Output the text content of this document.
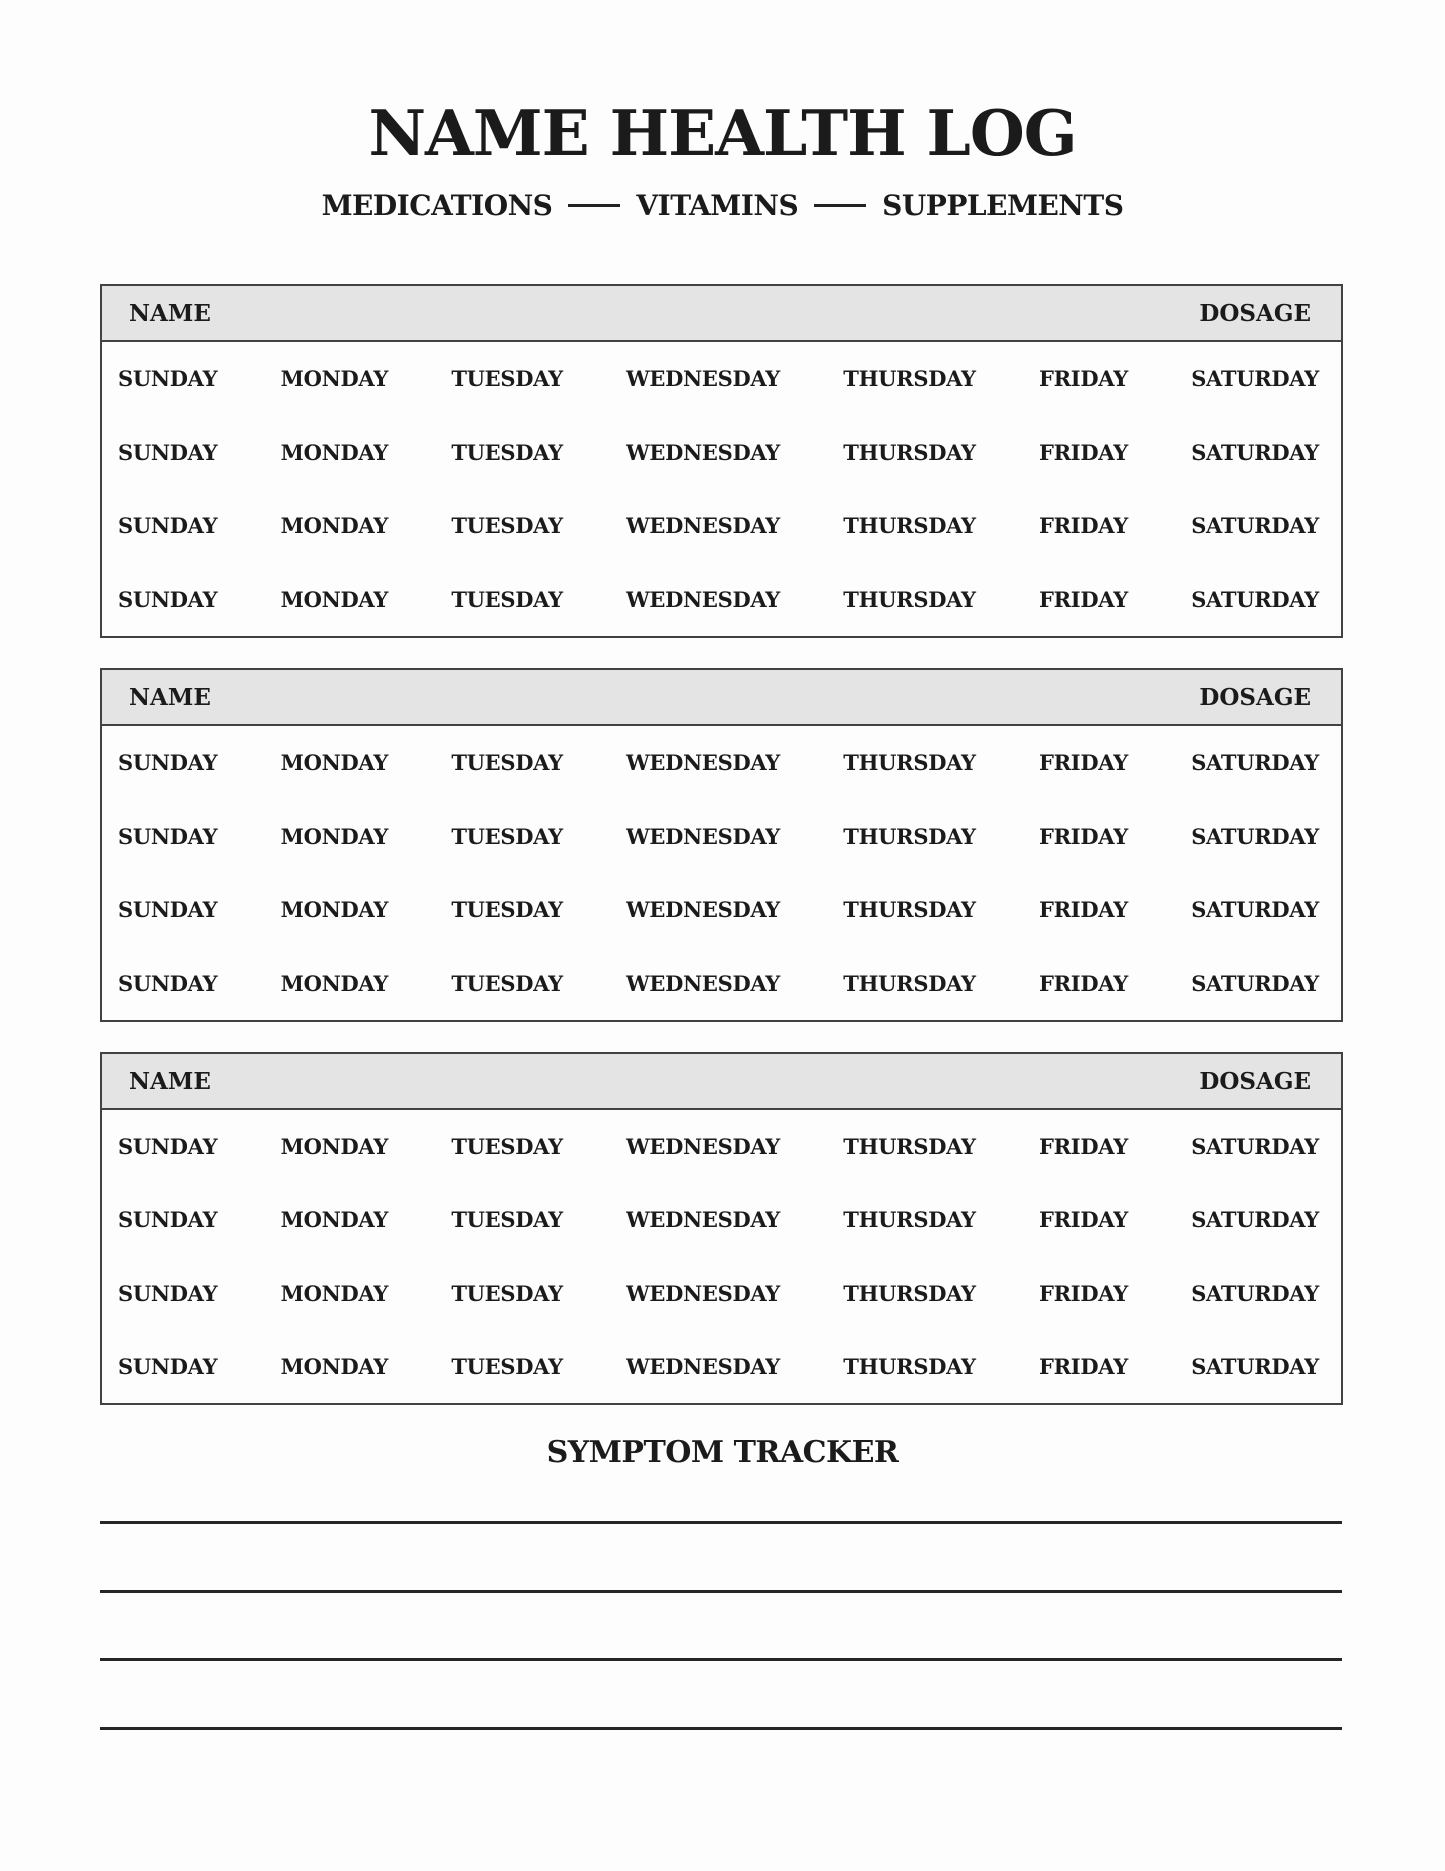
NAME HEALTH LOG
MEDICATIONS	VITAMINS	SUPPLEMENTS
NAME	DOSAGE
SUNDAY	MONDAY	TUESDAY	WEDNESDAY	THURSDAY	FRIDAY	SATURDAY
SUNDAY	MONDAY	TUESDAY	WEDNESDAY	THURSDAY	FRIDAY	SATURDAY
SUNDAY	MONDAY	TUESDAY	WEDNESDAY	THURSDAY	FRIDAY	SATURDAY
SUNDAY	MONDAY	TUESDAY	WEDNESDAY	THURSDAY	FRIDAY	SATURDAY
NAME	DOSAGE
SUNDAY	MONDAY	TUESDAY	WEDNESDAY	THURSDAY	FRIDAY	SATURDAY
SUNDAY	MONDAY	TUESDAY	WEDNESDAY	THURSDAY	FRIDAY	SATURDAY
SUNDAY	MONDAY	TUESDAY	WEDNESDAY	THURSDAY	FRIDAY	SATURDAY
SUNDAY	MONDAY	TUESDAY	WEDNESDAY	THURSDAY	FRIDAY	SATURDAY
NAME	DOSAGE
SUNDAY	MONDAY	TUESDAY	WEDNESDAY	THURSDAY	FRIDAY	SATURDAY
SUNDAY	MONDAY	TUESDAY	WEDNESDAY	THURSDAY	FRIDAY	SATURDAY
SUNDAY	MONDAY	TUESDAY	WEDNESDAY	THURSDAY	FRIDAY	SATURDAY
SUNDAY	MONDAY	TUESDAY	WEDNESDAY	THURSDAY	FRIDAY	SATURDAY
SYMPTOM TRACKER
